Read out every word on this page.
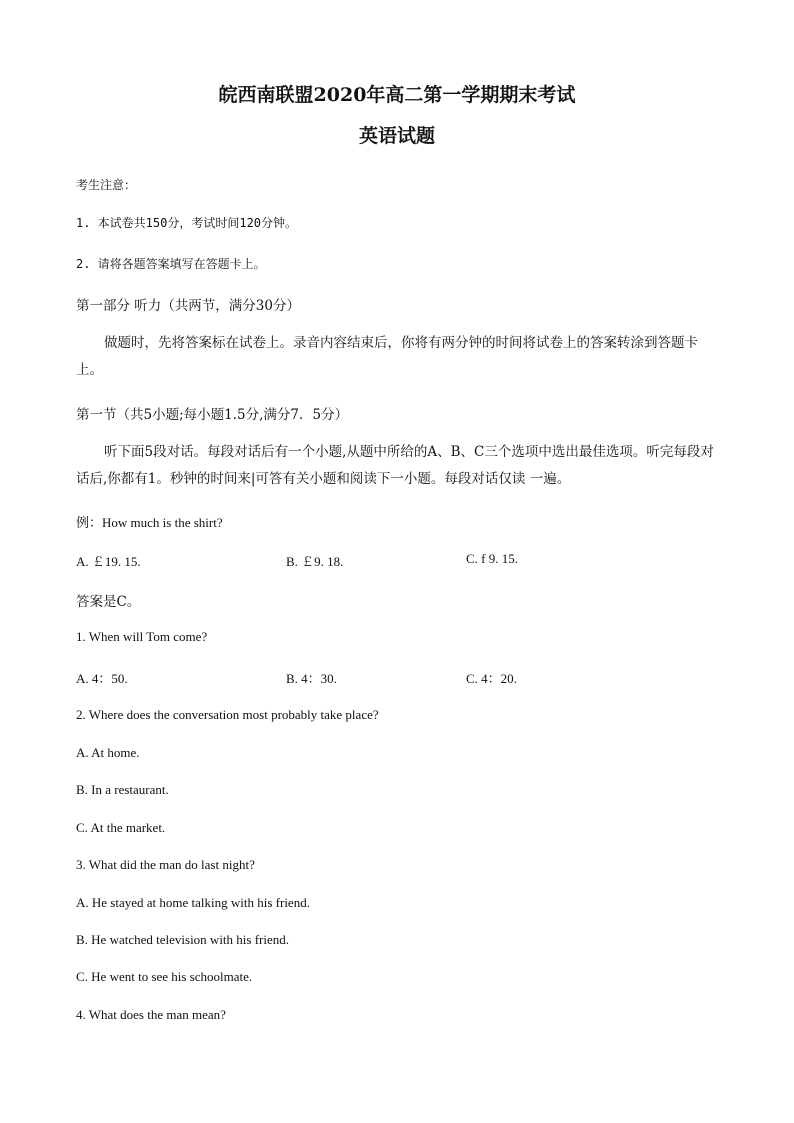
皖西南联盟2020年高二第一学期期末考试
英语试题
考生注意：
1. 本试卷共150分，考试时间120分钟。
2. 请将各题答案填写在答题卡上。
第一部分 听力（共两节，满分30分）
做题时，先将答案标在试卷上。录音内容结束后，你将有两分钟的时间将试卷上的答案转涂到答题卡上。
第一节（共5小题;每小题1.5分,满分7．5分）
听下面5段对话。每段对话后有一个小题,从题中所给的A、B、C三个选项中选出最佳选项。听完每段对话后,你都有1。秒钟的时间来|可答有关小题和阅读下一小题。每段对话仅读 一遍。
例：How much is the shirt?
A. ￡19. 15.	B. ￡9. 18.	C. f 9. 15.
答案是C。
1. When will Tom come?
A. 4：50.	B. 4：30.	C. 4：20.
2. Where does the conversation most probably take place?
A. At home.
B. In a restaurant.
C. At the market.
3. What did the man do last night?
A. He stayed at home talking with his friend.
B. He watched television with his friend.
C. He went to see his schoolmate.
4. What does the man mean?
